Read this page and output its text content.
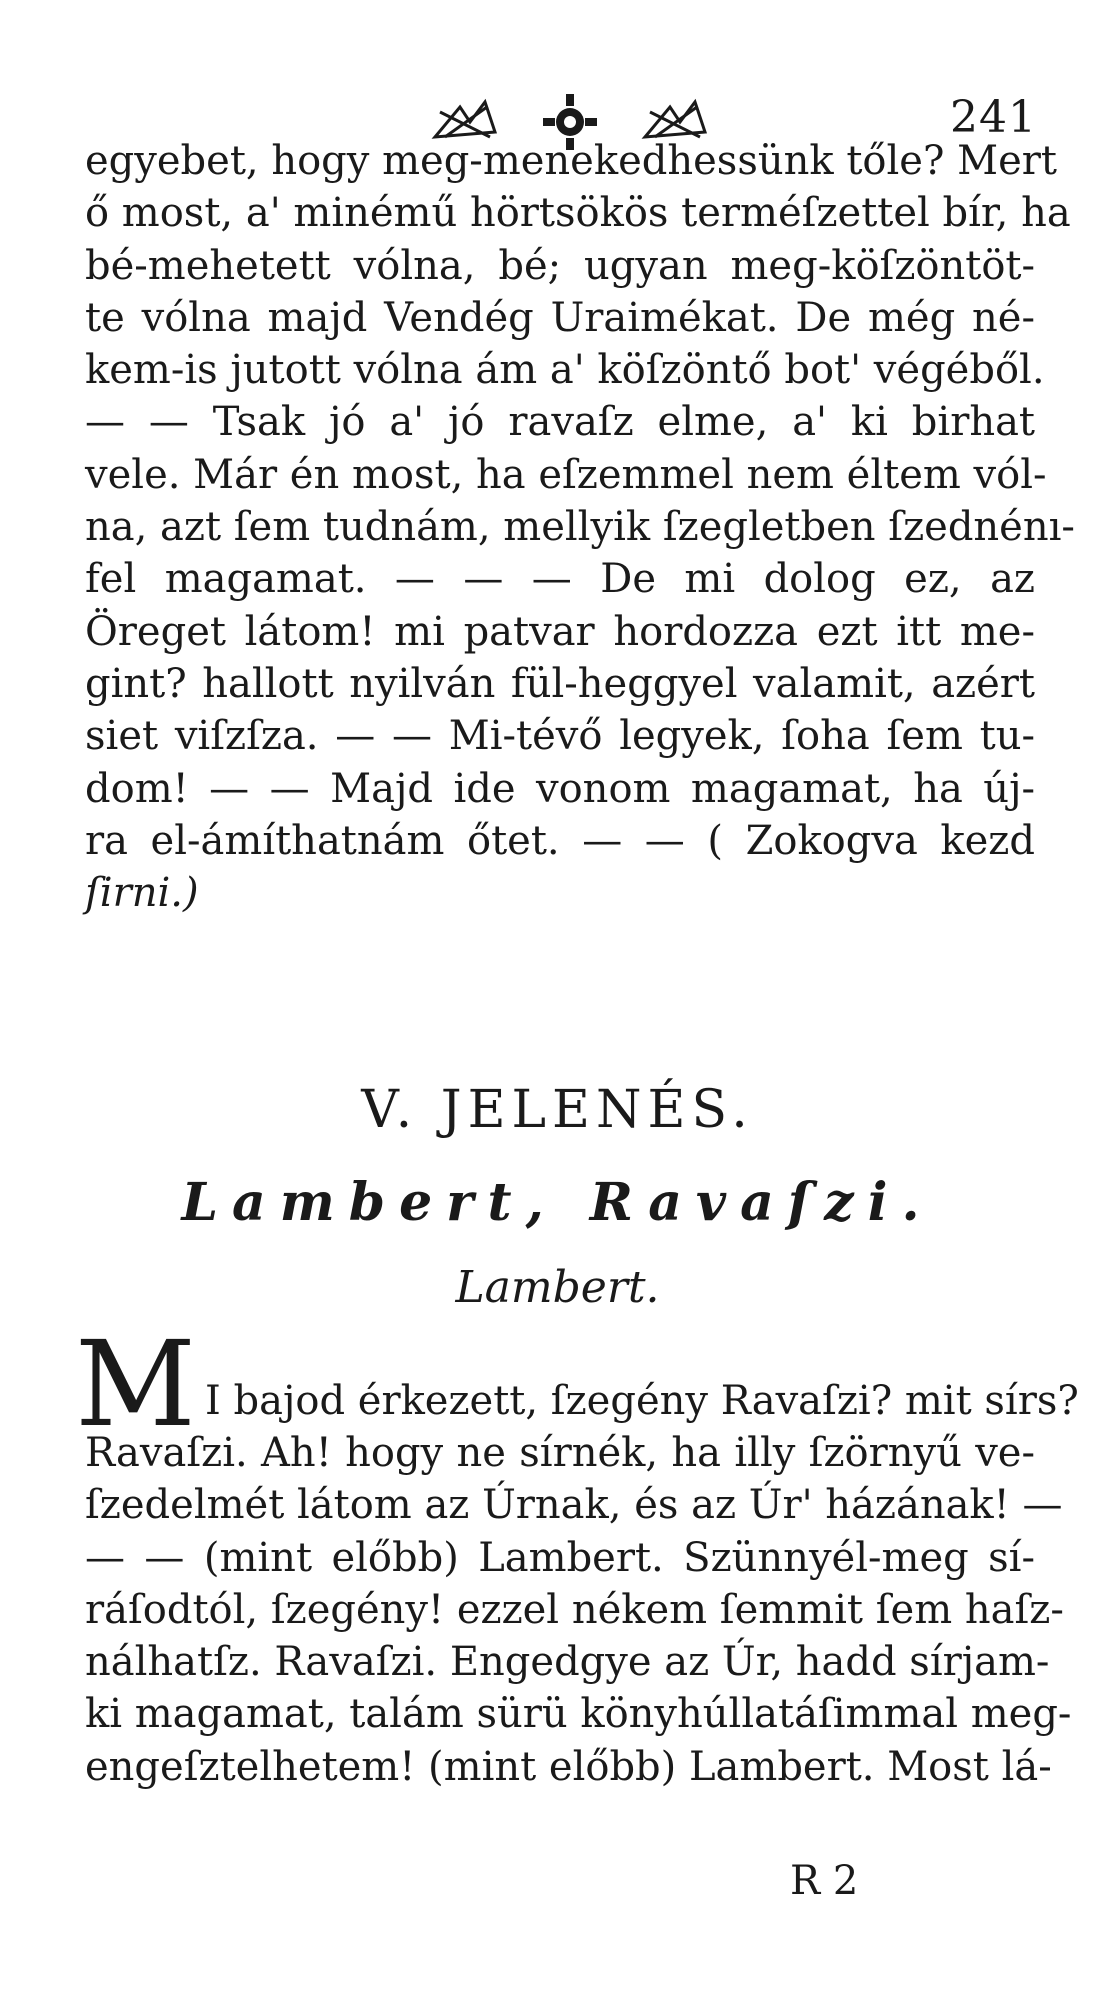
241
egyebet, hogy meg-menekedhessünk tőle? Mert
ő most, a' minémű hörtsökös terméſzettel bír, ha
bé-mehetett vólna, bé; ugyan meg-köſzöntöt-
te vólna majd Vendég Uraimékat. De még né-
kem-is jutott vólna ám a' köſzöntő bot' végéből.
— — Tsak jó a' jó ravaſz elme, a' ki birhat
vele. Már én most, ha eſzemmel nem éltem vól-
na, azt ſem tudnám, mellyik ſzegletben ſzednénı-
fel magamat. — — — De mi dolog ez, az
Öreget látom! mi patvar hordozza ezt itt me-
gint? hallott nyilván fül-heggyel valamit, azért
siet viſzſza. — — Mi-tévő legyek, ſoha ſem tu-
dom! — — Majd ide vonom magamat, ha új-
ra el-ámíthatnám őtet. — — ( Zokogva kezd
ſirni.)
V. JELENÉS.
Lambert, Ravaſzi.
Lambert.
M I bajod érkezett, ſzegény Ravaſzi? mit sírs?
Ravaſzi. Ah! hogy ne sírnék, ha illy ſzörnyű ve-
ſzedelmét látom az Úrnak, és az Úr' házának! —
— — (mint előbb) Lambert. Szünnyél-meg sí-
ráſodtól, ſzegény! ezzel nékem ſemmit ſem haſz-
nálhatſz. Ravaſzi. Engedgye az Úr, hadd sírjam-
ki magamat, talám sürü könyhúllatáſimmal meg-
engeſztelhetem! (mint előbb) Lambert. Most lá-
R 2
